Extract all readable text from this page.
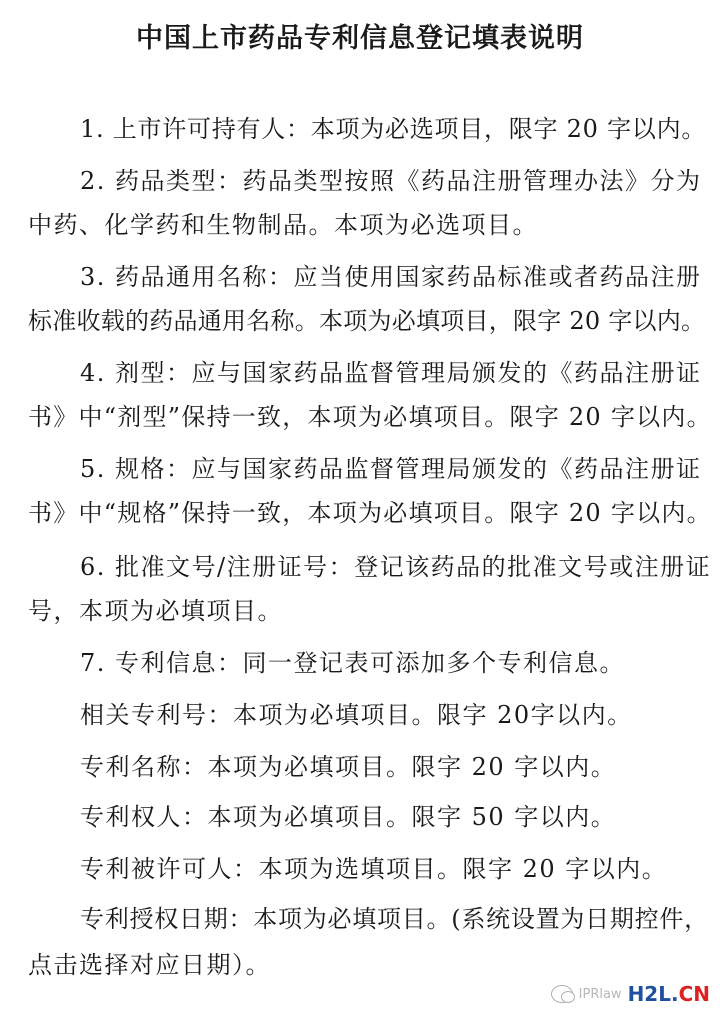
中国上市药品专利信息登记填表说明

1. 上市许可持有人：本项为必选项目，限字 20 字以内。

2. 药品类型：药品类型按照《药品注册管理办法》分为

中药、化学药和生物制品。本项为必选项目。

3. 药品通用名称：应当使用国家药品标准或者药品注册

标准收载的药品通用名称。本项为必填项目，限字 20 字以内。

4. 剂型：应与国家药品监督管理局颁发的《药品注册证

书》中“剂型”保持一致，本项为必填项目。限字 20 字以内。

5. 规格：应与国家药品监督管理局颁发的《药品注册证

书》中“规格”保持一致，本项为必填项目。限字 20 字以内。

6. 批准文号/注册证号：登记该药品的批准文号或注册证

号，本项为必填项目。

7. 专利信息：同一登记表可添加多个专利信息。

相关专利号：本项为必填项目。限字 20字以内。

专利名称：本项为必填项目。限字 20 字以内。

专利权人：本项为必填项目。限字 50 字以内。

专利被许可人：本项为选填项目。限字 20 字以内。

专利授权日期：本项为必填项目。(系统设置为日期控件，

点击选择对应日期）。

IPRlaw H2L.CN
